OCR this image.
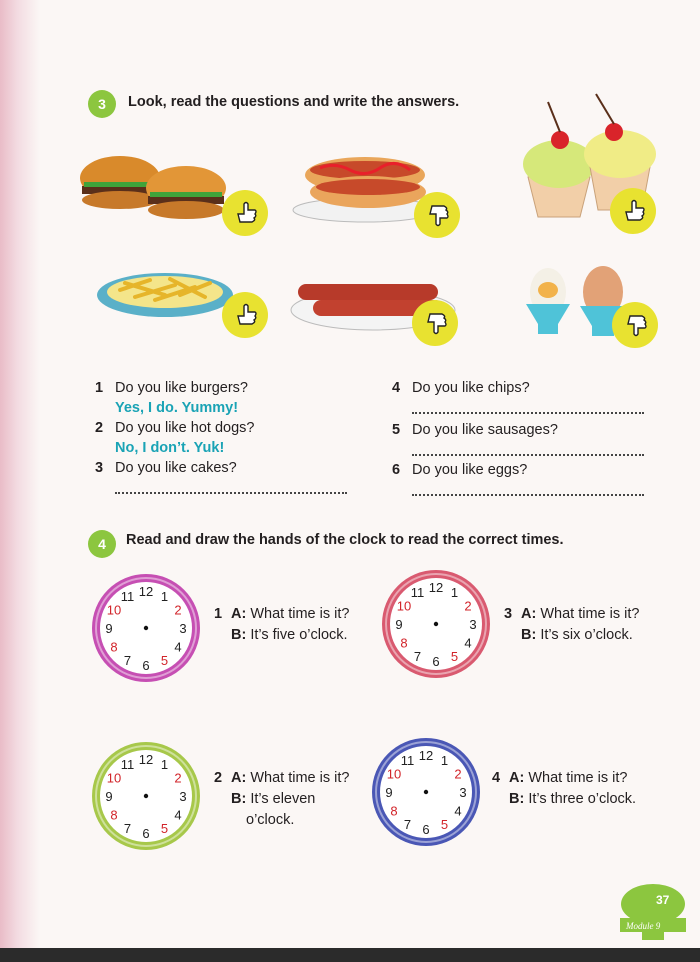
3	Look, read the questions and write the answers.
1 Do you like burgers?
Yes, I do. Yummy!
2 Do you like hot dogs?
No, I don’t. Yuk!
3 Do you like cakes?
4 Do you like chips?
5 Do you like sausages?
6 Do you like eggs?
4	Read and draw the hands of the clock to read the correct times.
12 1
2
3
4
5
6
7
8
9
10
11
12 1
2
3
4
5
6
7
8
9
10
11
12 1
2
3
4
5
6
7
8
9
10
11
12 1
2
3
4
5
6
7
8
9
10
11
1 A: What time is it?
B: It’s five o’clock.
2 A: What time is it?
B: It’s eleven
o’clock.
3 A: What time is it?
B: It’s six o’clock.
4 A: What time is it?
B: It’s three o’clock.
37
Module 9
